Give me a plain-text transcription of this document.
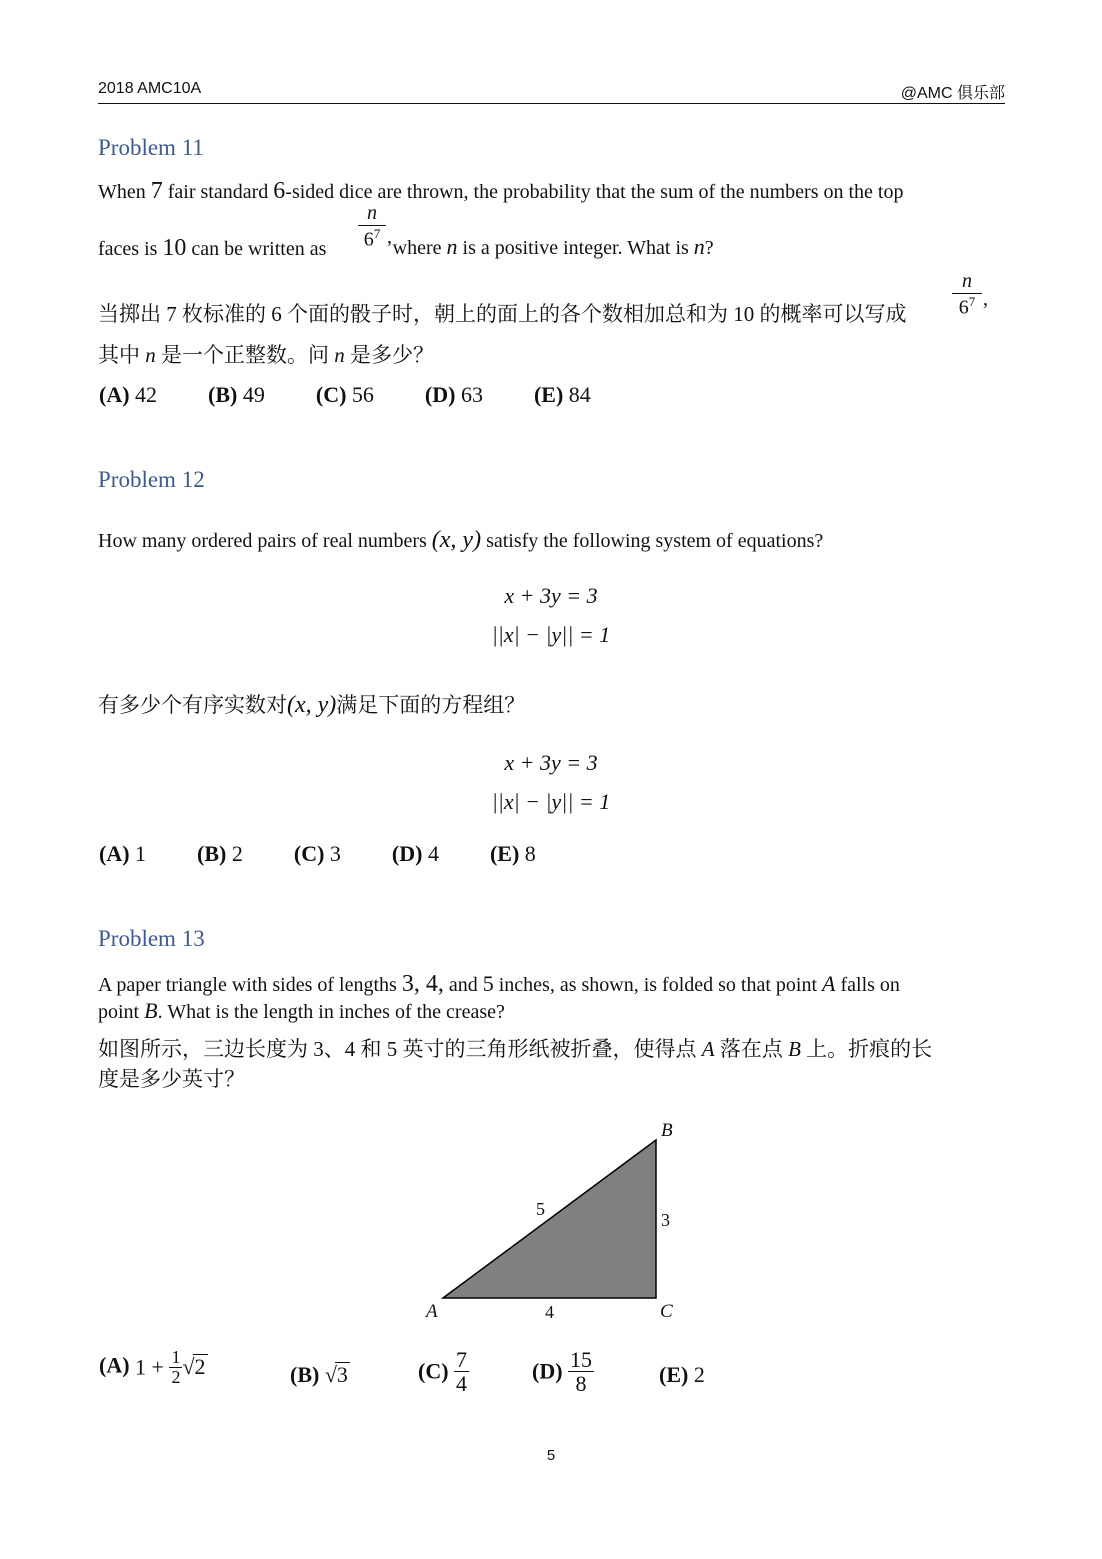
2018 AMC10A	@AMC 俱乐部
Problem 11
When 7 fair standard 6-sided dice are thrown, the probability that the sum of the numbers on the top
faces is 10 can be written as
n
$6^7$
’where n is a positive integer. What is n?
当掷出 7 枚标准的 6 个面的骰子时，朝上的面上的各个数相加总和为 10 的概率可以写成
n
$6^7$ ’
其中 n 是一个正整数。问 n 是多少？
(A) 42 (B) 49 (C) 56 (D) 63 (E) 84
Problem 12
How many ordered pairs of real numbers (x, y) satisfy the following system of equations?
x + 3y = 3
||x| − |y|| = 1
有多少个有序实数对(x, y)满足下面的方程组？
x + 3y = 3
||x| − |y|| = 1
(A) 1 (B) 2 (C) 3 (D) 4 (E) 8
Problem 13
A paper triangle with sides of lengths 3, 4, and 5 inches, as shown, is folded so that point A falls on
point B. What is the length in inches of the crease?
如图所示，三边长度为 3、4 和 5 英寸的三角形纸被折叠，使得点 A 落在点 B 上。折痕的长
度是多少英寸？
B
A	C
5
3
4
(A) $1 + \frac{1}{2} √2$	(B) √3	$(C) \frac{7}{4}$	$(D) \frac{15}{8}$	(E) 2
5
